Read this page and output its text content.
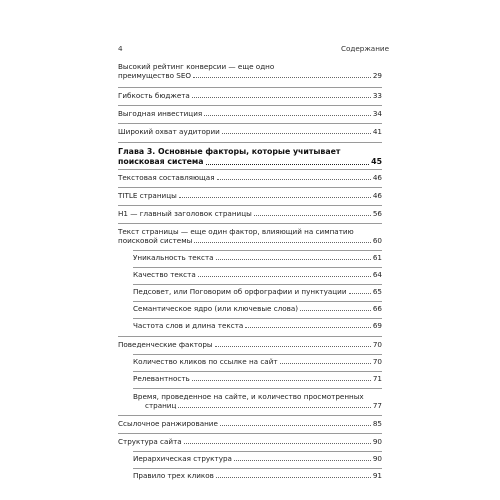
4	Содержание
Высокий рейтинг конверсии — еще одно
преимущество SEO	29
Гибкость бюджета	33
Выгодная инвестиция	34
Широкий охват аудитории	41
Глава 3. Основные факторы, которые учитывает
поисковая система	45
Текстовая составляющая	46
TITLE страницы	46
H1 — главный заголовок страницы	56
Текст страницы — еще один фактор, влияющий на симпатию
поисковой системы	60
Уникальность текста	61
Качество текста	64
Педсовет, или Поговорим об орфографии и пунктуации	65
Семантическое ядро (или ключевые слова)	66
Частота слов и длина текста	69
Поведенческие факторы	70
Количество кликов по ссылке на сайт	70
Релевантность	71
Время, проведенное на сайте, и количество просмотренных
страниц	77
Ссылочное ранжирование	85
Структура сайта	90
Иерархическая структура	90
Правило трех кликов	91
